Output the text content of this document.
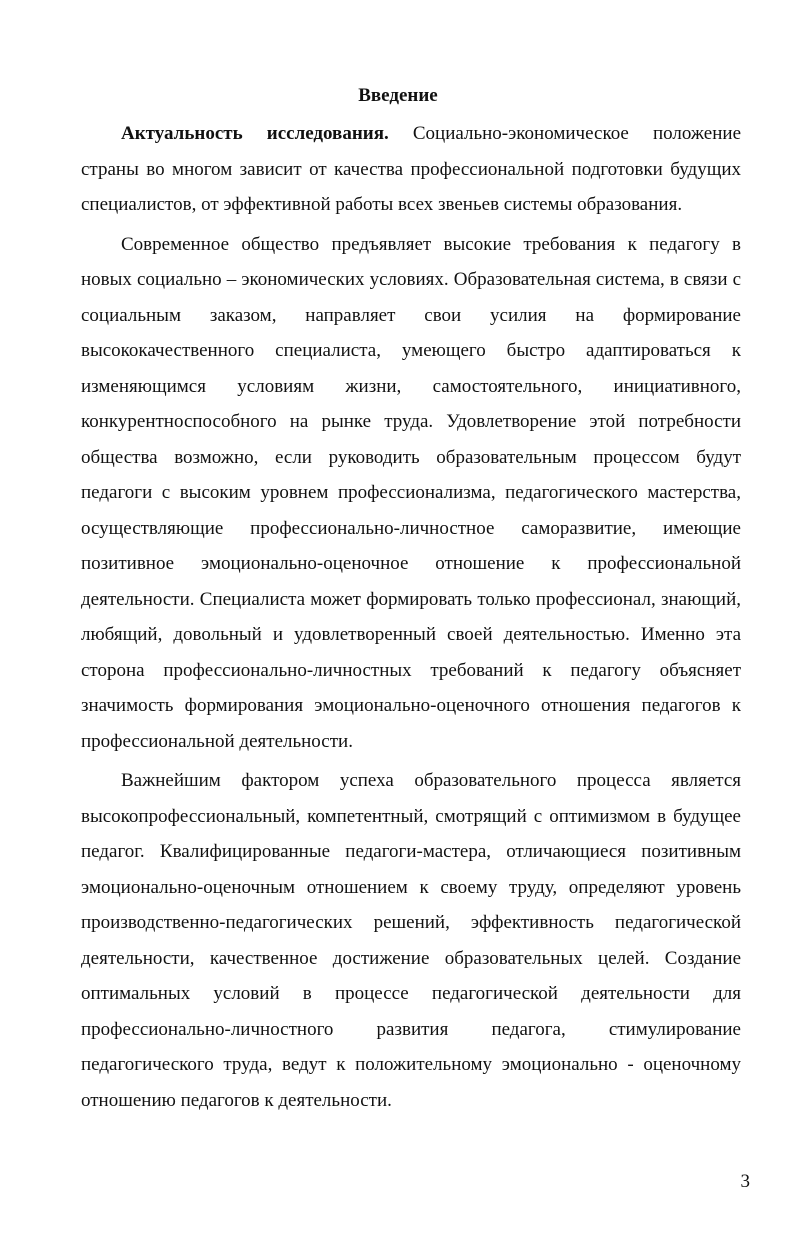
Введение

Актуальность исследования. Социально-экономическое положение страны во многом зависит от качества профессиональной подготовки будущих специалистов, от эффективной работы всех звеньев системы образования.

Современное общество предъявляет высокие требования к педагогу в новых социально – экономических условиях. Образовательная система, в связи с социальным заказом, направляет свои усилия на формирование высококачественного специалиста, умеющего быстро адаптироваться к изменяющимся условиям жизни, самостоятельного, инициативного, конкурентноспособного на рынке труда. Удовлетворение этой потребности общества возможно, если руководить образовательным процессом будут педагоги с высоким уровнем профессионализма, педагогического мастерства, осуществляющие профессионально-личностное саморазвитие, имеющие позитивное эмоционально-оценочное отношение к профессиональной деятельности. Специалиста может формировать только профессионал, знающий, любящий, довольный и удовлетворенный своей деятельностью. Именно эта сторона профессионально-личностных требований к педагогу объясняет значимость формирования эмоционально-оценочного отношения педагогов к профессиональной деятельности.

Важнейшим фактором успеха образовательного процесса является высокопрофессиональный, компетентный, смотрящий с оптимизмом в будущее педагог. Квалифицированные педагоги-мастера, отличающиеся позитивным эмоционально-оценочным отношением к своему труду, определяют уровень производственно-педагогических решений, эффективность педагогической деятельности, качественное достижение образовательных целей. Создание оптимальных условий в процессе педагогической деятельности для профессионально-личностного развития педагога, стимулирование педагогического труда, ведут к положительному эмоционально - оценочному отношению педагогов к деятельности.

3
